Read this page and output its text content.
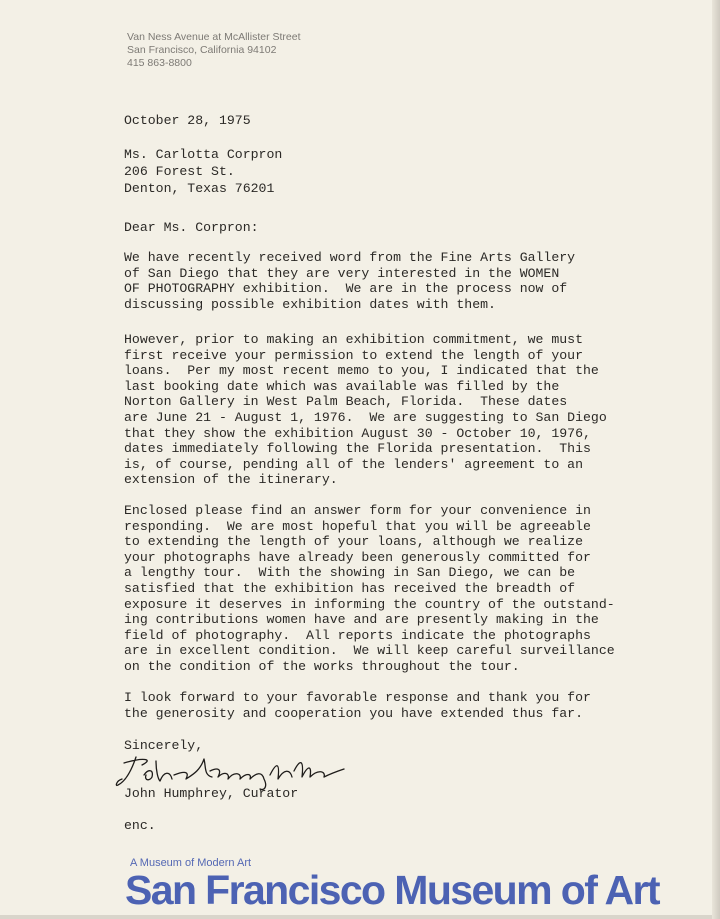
Van Ness Avenue at McAllister Street
San Francisco, California 94102
415 863-8800
October 28, 1975
Ms. Carlotta Corpron
206 Forest St.
Denton, Texas 76201
Dear Ms. Corpron:
We have recently received word from the Fine Arts Gallery
of San Diego that they are very interested in the WOMEN
OF PHOTOGRAPHY exhibition.  We are in the process now of
discussing possible exhibition dates with them.
However, prior to making an exhibition commitment, we must
first receive your permission to extend the length of your
loans.  Per my most recent memo to you, I indicated that the
last booking date which was available was filled by the
Norton Gallery in West Palm Beach, Florida.  These dates
are June 21 - August 1, 1976.  We are suggesting to San Diego
that they show the exhibition August 30 - October 10, 1976,
dates immediately following the Florida presentation.  This
is, of course, pending all of the lenders' agreement to an
extension of the itinerary.
Enclosed please find an answer form for your convenience in
responding.  We are most hopeful that you will be agreeable
to extending the length of your loans, although we realize
your photographs have already been generously committed for
a lengthy tour.  With the showing in San Diego, we can be
satisfied that the exhibition has received the breadth of
exposure it deserves in informing the country of the outstand-
ing contributions women have and are presently making in the
field of photography.  All reports indicate the photographs
are in excellent condition.  We will keep careful surveillance
on the condition of the works throughout the tour.
I look forward to your favorable response and thank you for
the generosity and cooperation you have extended thus far.
Sincerely,
John Humphrey, Curator
enc.
A Museum of Modern Art
San Francisco Museum of Art
